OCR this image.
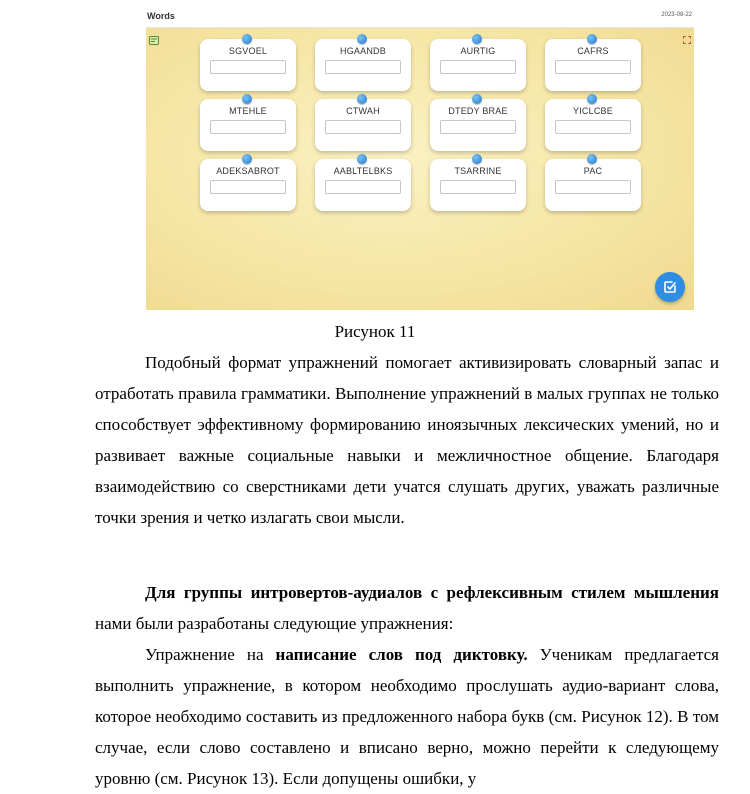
Words	2023-08-22
SGVOEL	HGAANDB	AURTIG	CAFRS
MTEHLE	CTWAH	DTEDY BRAE	YICLCBE
ADEKSABROT	AABLTELBKS	TSARRINE	PAC
Рисунок 11

Подобный формат упражнений помогает активизировать словарный запас и отработать правила грамматики. Выполнение упражнений в малых группах не только способствует эффективному формированию иноязычных лексических умений, но и развивает важные социальные навыки и межличностное общение. Благодаря взаимодействию со сверстниками дети учатся слушать других, уважать различные точки зрения и четко излагать свои мысли.

Для группы интровертов-аудиалов с рефлексивным стилем мышления нами были разработаны следующие упражнения:

Упражнение на написание слов под диктовку. Ученикам предлагается выполнить упражнение, в котором необходимо прослушать аудио-вариант слова, которое необходимо составить из предложенного набора букв (см. Рисунок 12). В том случае, если слово составлено и вписано верно, можно перейти к следующему уровню (см. Рисунок 13). Если допущены ошибки, у
